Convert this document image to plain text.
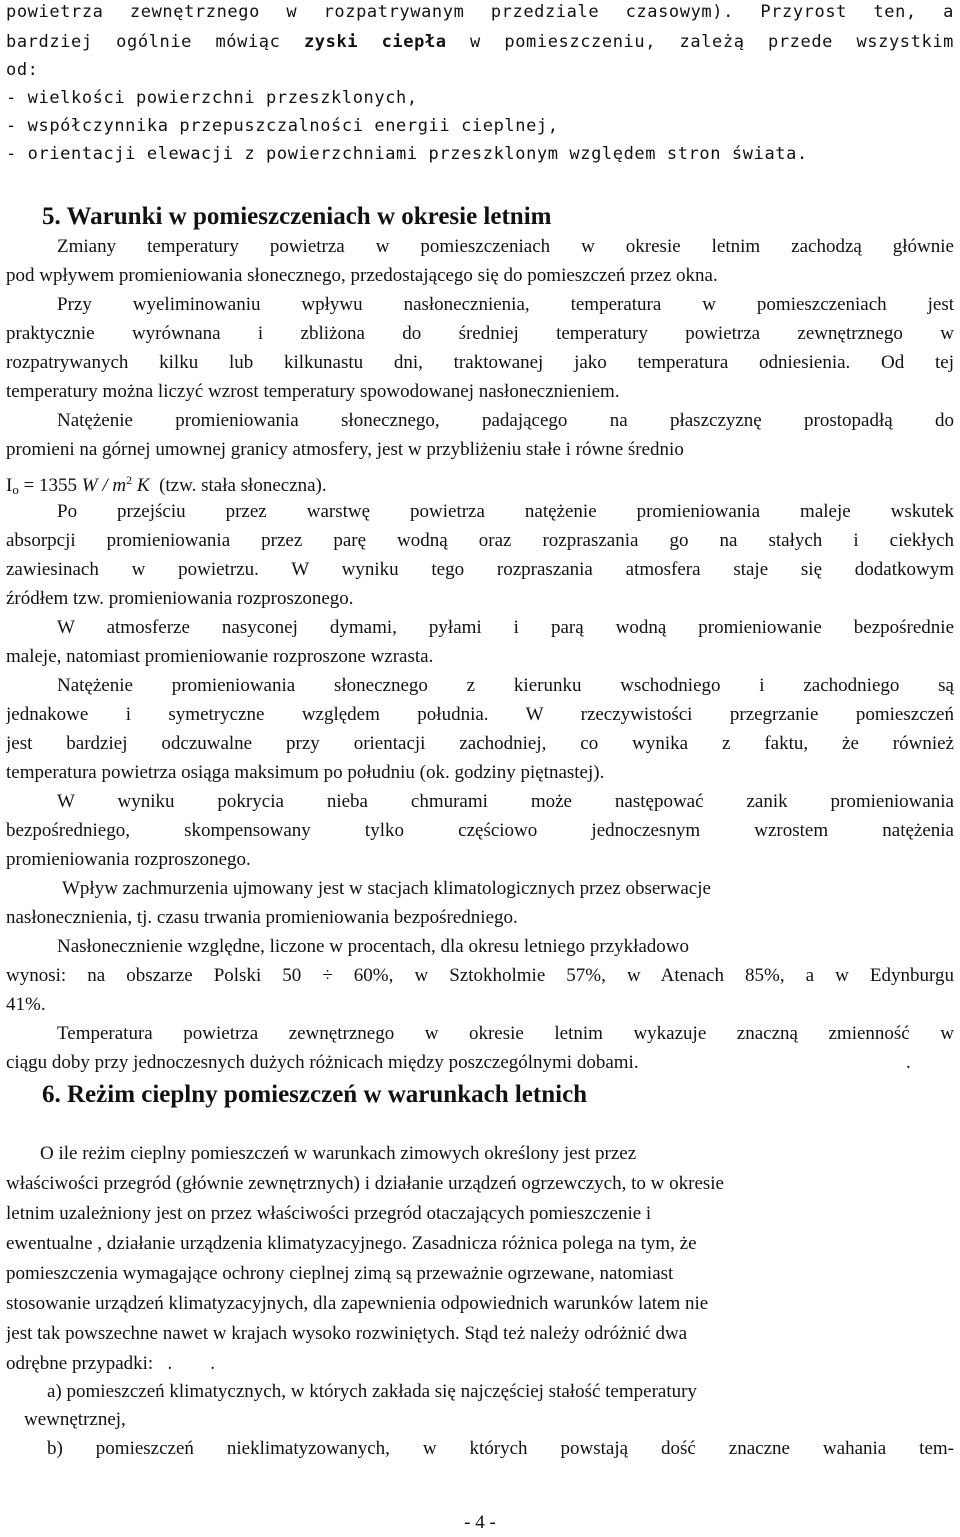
powietrza zewnętrznego w rozpatrywanym przedziale czasowym). Przyrost ten, a
bardziej ogólnie mówiąc zyski ciepła w pomieszczeniu, zależą przede wszystkim
od:
- wielkości powierzchni przeszklonych,
- współczynnika przepuszczalności energii cieplnej,
- orientacji elewacji z powierzchniami przeszklonym względem stron świata.
5. Warunki w pomieszczeniach w okresie letnim
Zmiany temperatury powietrza w pomieszczeniach w okresie letnim zachodzą głównie
pod wpływem promieniowania słonecznego, przedostającego się do pomieszczeń przez okna.
Przy wyeliminowaniu wpływu nasłonecznienia, temperatura w pomieszczeniach jest
praktycznie wyrównana i zbliżona do średniej temperatury powietrza zewnętrznego w
rozpatrywanych kilku lub kilkunastu dni, traktowanej jako temperatura odniesienia. Od tej
temperatury można liczyć wzrost temperatury spowodowanej nasłonecznieniem.
Natężenie promieniowania słonecznego, padającego na płaszczyznę prostopadłą do
promieni na górnej umownej granicy atmosfery, jest w przybliżeniu stałe i równe średnio
$I_o = 1355$ W / $m^2$ K (tzw. stała słoneczna).
Po przejściu przez warstwę powietrza natężenie promieniowania maleje wskutek
absorpcji promieniowania przez parę wodną oraz rozpraszania go na stałych i ciekłych
zawiesinach w powietrzu. W wyniku tego rozpraszania atmosfera staje się dodatkowym
źródłem tzw. promieniowania rozproszonego.
W atmosferze nasyconej dymami, pyłami i parą wodną promieniowanie bezpośrednie
maleje, natomiast promieniowanie rozproszone wzrasta.
Natężenie promieniowania słonecznego z kierunku wschodniego i zachodniego są
jednakowe i symetryczne względem południa. W rzeczywistości przegrzanie pomieszczeń
jest bardziej odczuwalne przy orientacji zachodniej, co wynika z faktu, że również
temperatura powietrza osiąga maksimum po południu (ok. godziny piętnastej).
W wyniku pokrycia nieba chmurami może następować zanik promieniowania
bezpośredniego, skompensowany tylko częściowo jednoczesnym wzrostem natężenia
promieniowania rozproszonego.
Wpływ zachmurzenia ujmowany jest w stacjach klimatologicznych przez obserwacje
nasłonecznienia, tj. czasu trwania promieniowania bezpośredniego.
Nasłonecznienie względne, liczone w procentach, dla okresu letniego przykładowo
wynosi: na obszarze Polski 50 ÷ 60%, w Sztokholmie 57%, w Atenach 85%, a w Edynburgu
41%.
Temperatura powietrza zewnętrznego w okresie letnim wykazuje znaczną zmienność w
ciągu doby przy jednoczesnych dużych różnicach między poszczególnymi dobami.	.
6. Reżim cieplny pomieszczeń w warunkach letnich
O ile reżim cieplny pomieszczeń w warunkach zimowych określony jest przez
właściwości przegród (głównie zewnętrznych) i działanie urządzeń ogrzewczych, to w okresie
letnim uzależniony jest on przez właściwości przegród otaczających pomieszczenie i
ewentualne , działanie urządzenia klimatyzacyjnego. Zasadnicza różnica polega na tym, że
pomieszczenia wymagające ochrony cieplnej zimą są przeważnie ogrzewane, natomiast
stosowanie urządzeń klimatyzacyjnych, dla zapewnienia odpowiednich warunków latem nie
jest tak powszechne nawet w krajach wysoko rozwiniętych. Stąd też należy odróżnić dwa
odrębne przypadki:   .        .
a) pomieszczeń klimatycznych, w których zakłada się najczęściej stałość temperatury
wewnętrznej,
b) pomieszczeń nieklimatyzowanych, w których powstają dość znaczne wahania tem-
- 4 -
